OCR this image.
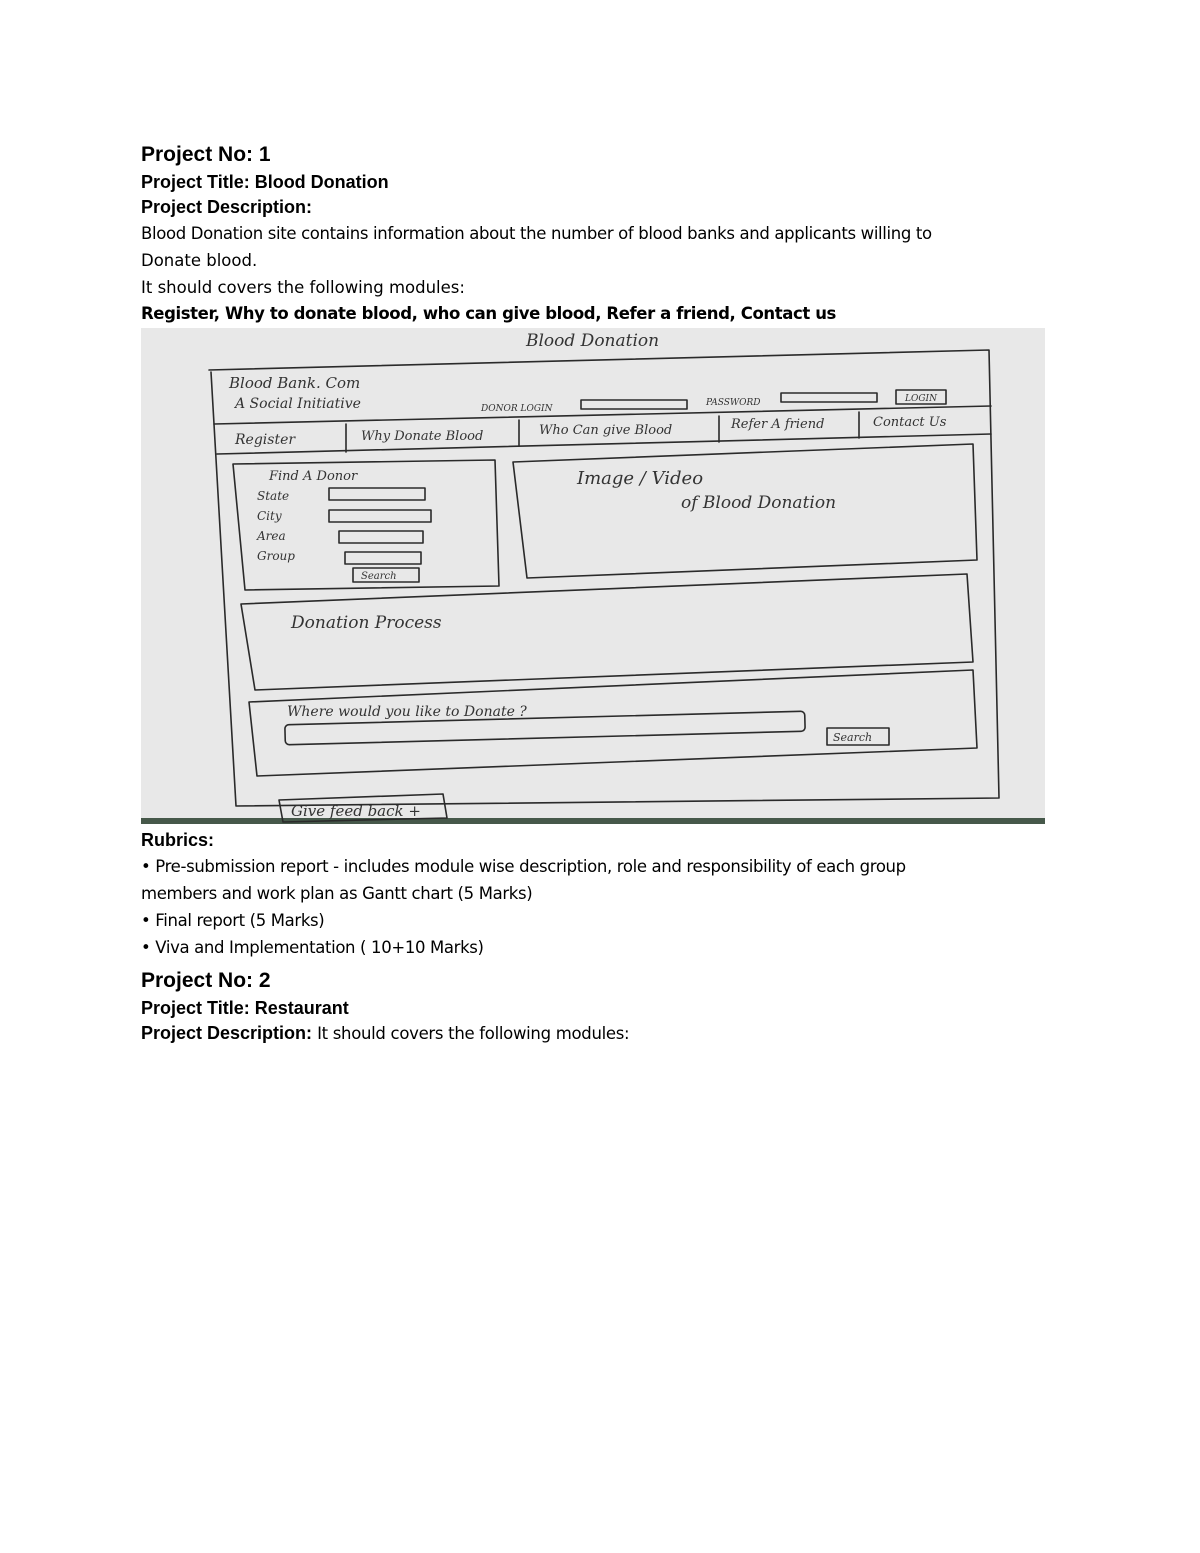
Project No: 1

Project Title: Blood Donation

Project Description:

Blood Donation site contains information about the number of blood banks and applicants willing to

Donate blood.

It should covers the following modules:

Register, Why to donate blood, who can give blood, Refer a friend, Contact us

Blood Donation
Blood Bank. Com
A Social Initiative	DONOR LOGIN
PASSWORD	LOGIN
Register	Why Donate Blood	Who Can give Blood	Refer A friend	Contact Us
Find A Donor
State
City
Area
Group
Search
Image / Video
of Blood Donation
Donation Process
Where would you like to Donate ?
Search
Give feed back +

Rubrics:

• Pre-submission report - includes module wise description, role and responsibility of each group

members and work plan as Gantt chart (5 Marks)

• Final report (5 Marks)

• Viva and Implementation ( 10+10 Marks)

Project No: 2

Project Title: Restaurant

Project Description: It should covers the following modules:
